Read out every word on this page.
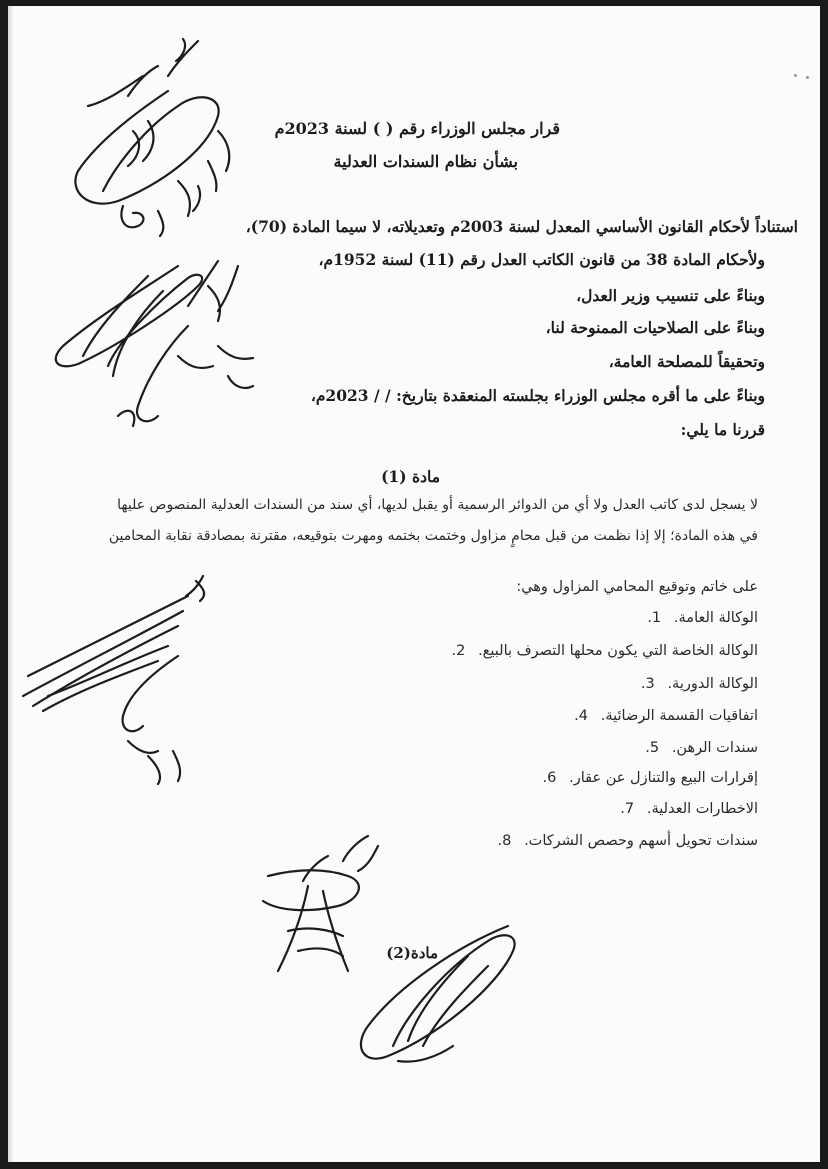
قرار مجلس الوزراء رقم ( ) لسنة 2023م
بشأن نظام السندات العدلية
استناداً لأحكام القانون الأساسي المعدل لسنة 2003م وتعديلاته، لا سيما المادة (70)،
ولأحكام المادة 38 من قانون الكاتب العدل رقم (11) لسنة 1952م،
وبناءً على تنسيب وزير العدل،
وبناءً على الصلاحيات الممنوحة لنا،
وتحقيقاً للمصلحة العامة،
وبناءً على ما أقره مجلس الوزراء بجلسته المنعقدة بتاريخ: / / 2023م،
قررنا ما يلي:
مادة (1)
لا يسجل لدى كاتب العدل ولا أي من الدوائر الرسمية أو يقبل لديها، أي سند من السندات العدلية المنصوص عليها
في هذه المادة؛ إلا إذا نظمت من قبل محامٍ مزاول وختمت بختمه ومهرت بتوقيعه، مقترنة بمصادقة نقابة المحامين
على خاتم وتوقيع المحامي المزاول وهي:
الوكالة العامة. 1.
الوكالة الخاصة التي يكون محلها التصرف بالبيع. 2.
الوكالة الدورية. 3.
اتفاقيات القسمة الرضائية. 4.
سندات الرهن. 5.
إقرارات البيع والتنازل عن عقار. 6.
الاخطارات العدلية. 7.
سندات تحويل أسهم وحصص الشركات. 8.
مادة(2)
